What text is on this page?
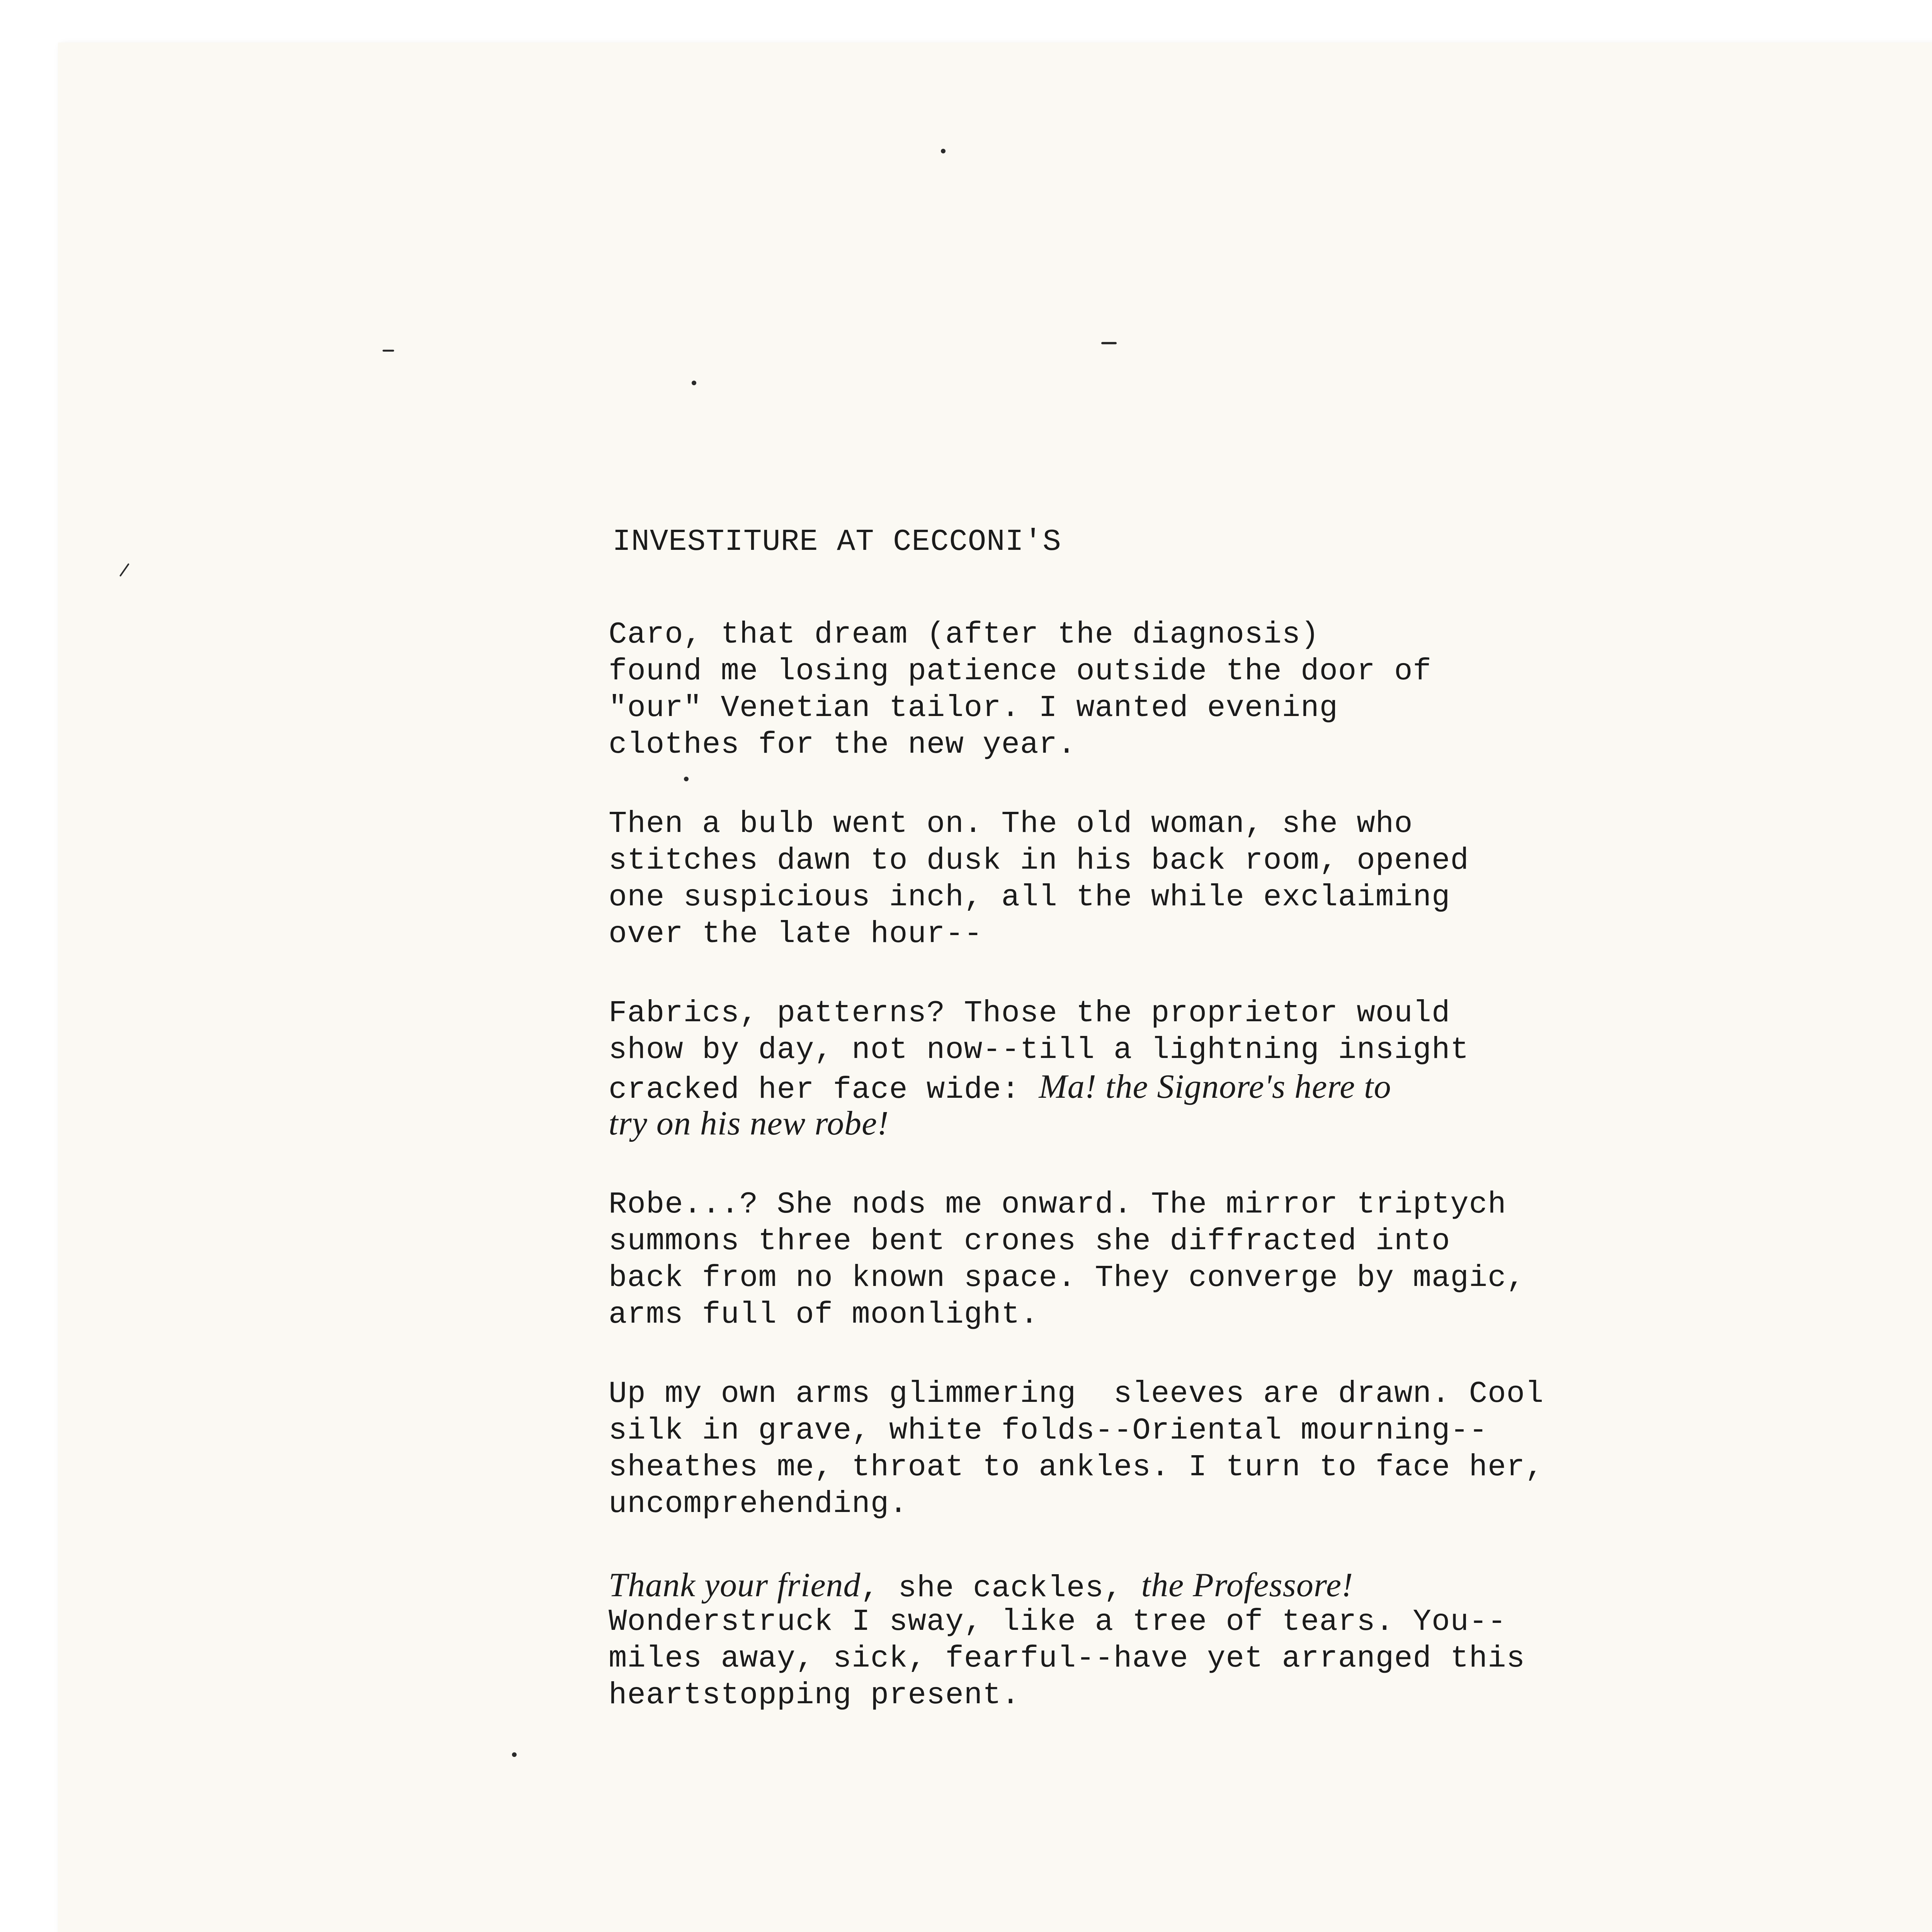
INVESTITURE AT CECCONI'S
Caro, that dream (after the diagnosis)
found me losing patience outside the door of
"our" Venetian tailor. I wanted evening
clothes for the new year.
Then a bulb went on. The old woman, she who
stitches dawn to dusk in his back room, opened
one suspicious inch, all the while exclaiming
over the late hour--
Fabrics, patterns? Those the proprietor would
show by day, not now--till a lightning insight
cracked her face wide: Ma! the Signore's here to
try on his new robe!
Robe...? She nods me onward. The mirror triptych
summons three bent crones she diffracted into
back from no known space. They converge by magic,
arms full of moonlight.
Up my own arms glimmering  sleeves are drawn. Cool
silk in grave, white folds--Oriental mourning--
sheathes me, throat to ankles. I turn to face her,
uncomprehending.
Thank your friend, she cackles, the Professore!
Wonderstruck I sway, like a tree of tears. You--
miles away, sick, fearful--have yet arranged this
heartstopping present.
